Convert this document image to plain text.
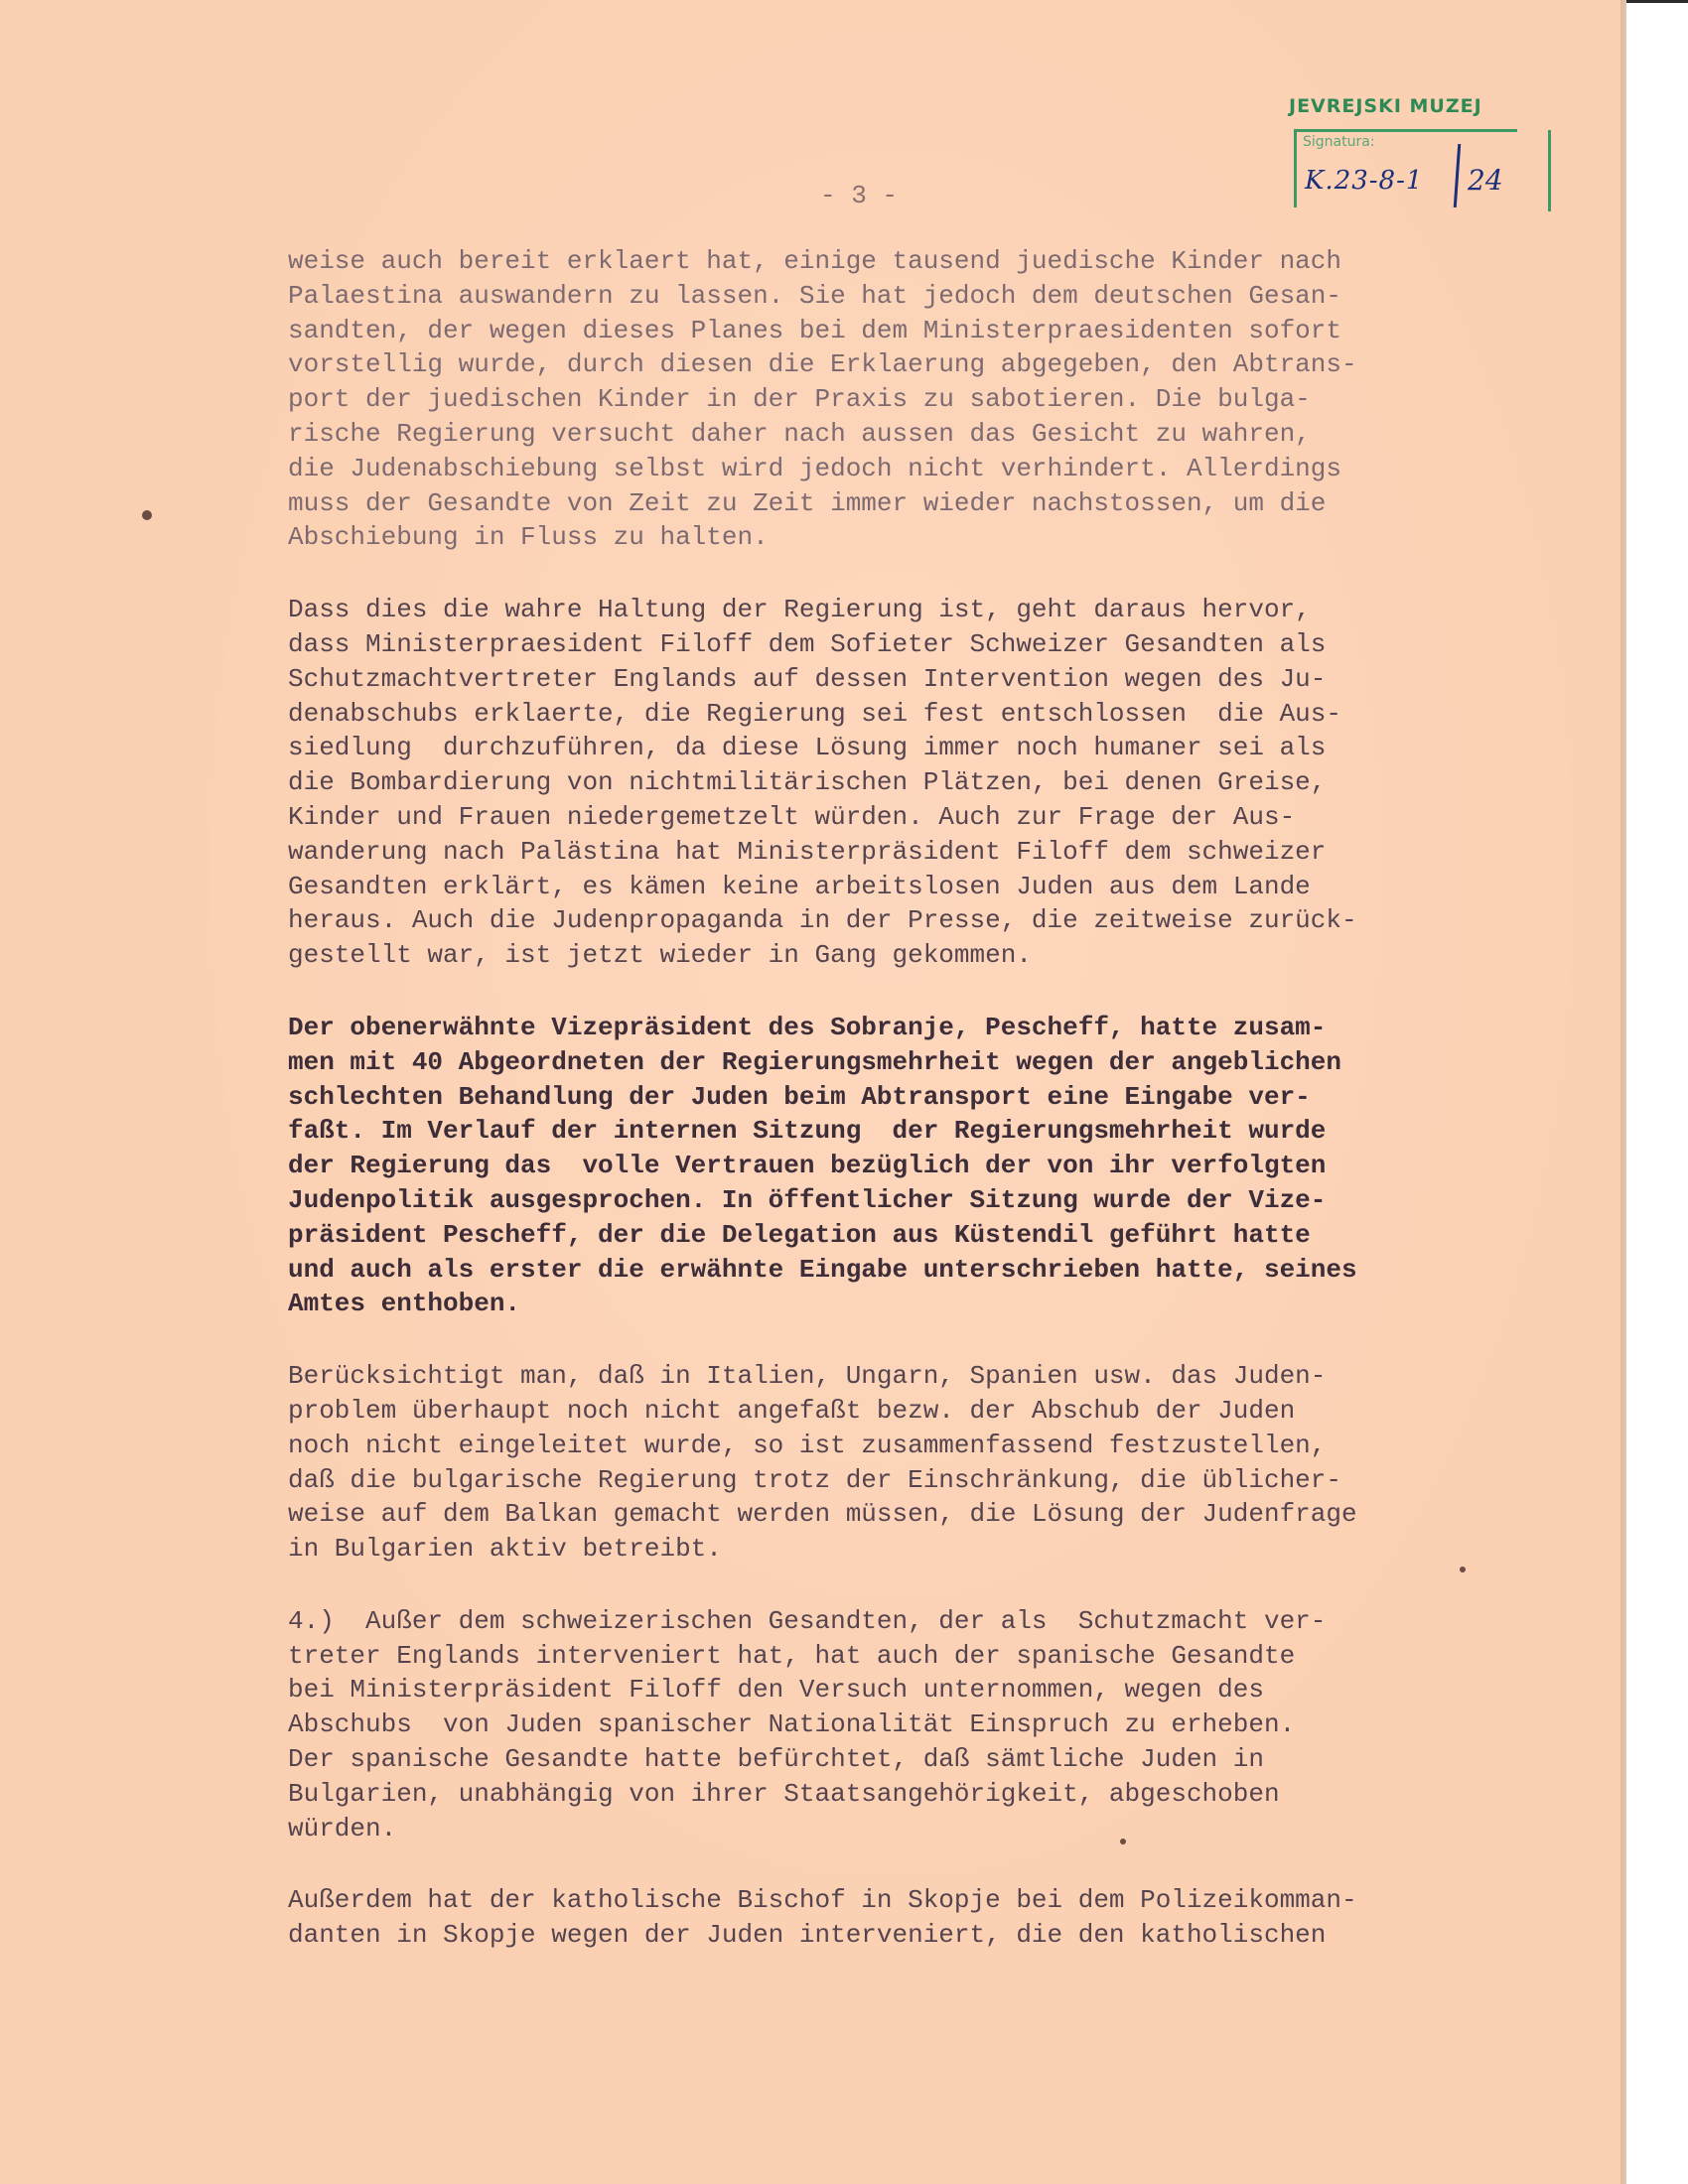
JEVREJSKI MUZEJ
Signatura:
K.23-8-1 24
- 3 -
weise auch bereit erklaert hat, einige tausend juedische Kinder nach
Palaestina auswandern zu lassen. Sie hat jedoch dem deutschen Gesan-
sandten, der wegen dieses Planes bei dem Ministerpraesidenten sofort
vorstellig wurde, durch diesen die Erklaerung abgegeben, den Abtrans-
port der juedischen Kinder in der Praxis zu sabotieren. Die bulga-
rische Regierung versucht daher nach aussen das Gesicht zu wahren,
die Judenabschiebung selbst wird jedoch nicht verhindert. Allerdings
muss der Gesandte von Zeit zu Zeit immer wieder nachstossen, um die
Abschiebung in Fluss zu halten.
Dass dies die wahre Haltung der Regierung ist, geht daraus hervor,
dass Ministerpraesident Filoff dem Sofieter Schweizer Gesandten als
Schutzmachtvertreter Englands auf dessen Intervention wegen des Ju-
denabschubs erklaerte, die Regierung sei fest entschlossen  die Aus-
siedlung  durchzuführen, da diese Lösung immer noch humaner sei als
die Bombardierung von nichtmilitärischen Plätzen, bei denen Greise,
Kinder und Frauen niedergemetzelt würden. Auch zur Frage der Aus-
wanderung nach Palästina hat Ministerpräsident Filoff dem schweizer
Gesandten erklärt, es kämen keine arbeitslosen Juden aus dem Lande
heraus. Auch die Judenpropaganda in der Presse, die zeitweise zurück-
gestellt war, ist jetzt wieder in Gang gekommen.
Der obenerwähnte Vizepräsident des Sobranje, Pescheff, hatte zusam-
men mit 40 Abgeordneten der Regierungsmehrheit wegen der angeblichen
schlechten Behandlung der Juden beim Abtransport eine Eingabe ver-
faßt. Im Verlauf der internen Sitzung  der Regierungsmehrheit wurde
der Regierung das  volle Vertrauen bezüglich der von ihr verfolgten
Judenpolitik ausgesprochen. In öffentlicher Sitzung wurde der Vize-
präsident Pescheff, der die Delegation aus Küstendil geführt hatte
und auch als erster die erwähnte Eingabe unterschrieben hatte, seines
Amtes enthoben.
Berücksichtigt man, daß in Italien, Ungarn, Spanien usw. das Juden-
problem überhaupt noch nicht angefaßt bezw. der Abschub der Juden
noch nicht eingeleitet wurde, so ist zusammenfassend festzustellen,
daß die bulgarische Regierung trotz der Einschränkung, die üblicher-
weise auf dem Balkan gemacht werden müssen, die Lösung der Judenfrage
in Bulgarien aktiv betreibt.
4.)  Außer dem schweizerischen Gesandten, der als  Schutzmacht ver-
treter Englands interveniert hat, hat auch der spanische Gesandte
bei Ministerpräsident Filoff den Versuch unternommen, wegen des
Abschubs  von Juden spanischer Nationalität Einspruch zu erheben.
Der spanische Gesandte hatte befürchtet, daß sämtliche Juden in
Bulgarien, unabhängig von ihrer Staatsangehörigkeit, abgeschoben
würden.
Außerdem hat der katholische Bischof in Skopje bei dem Polizeikomman-
danten in Skopje wegen der Juden interveniert, die den katholischen
